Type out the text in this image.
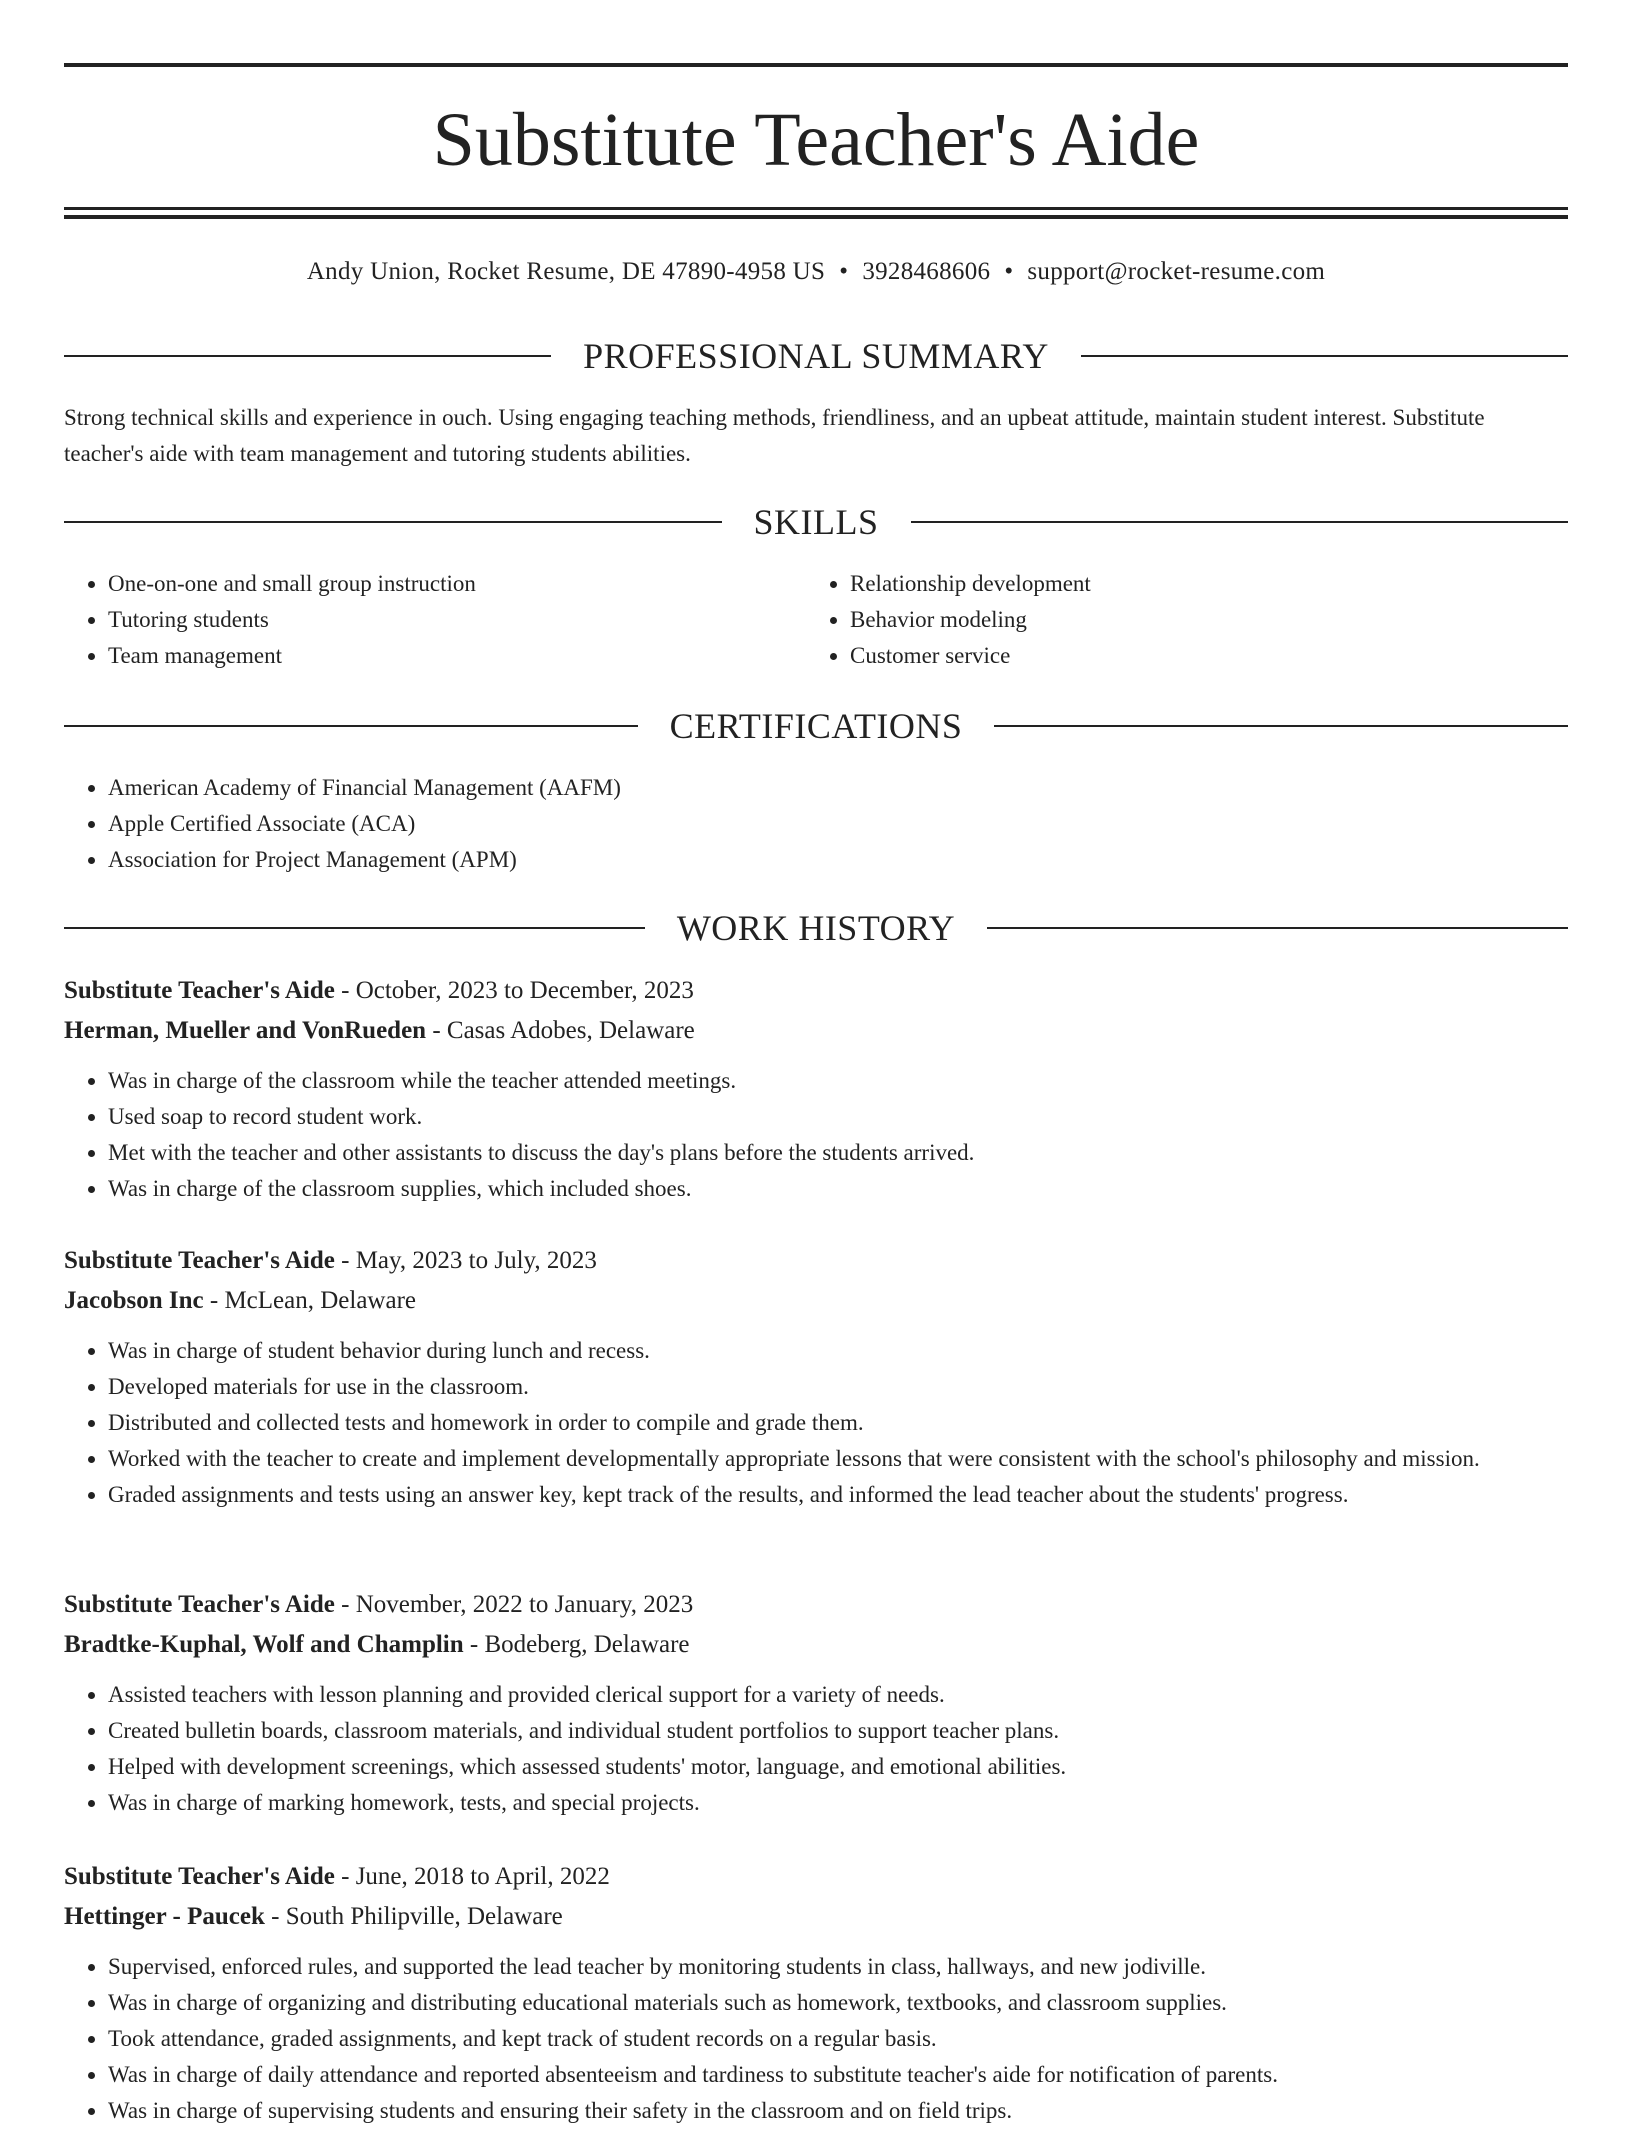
Substitute Teacher's Aide
Andy Union, Rocket Resume, DE 47890-4958 US • 3928468606 • support@rocket-resume.com
PROFESSIONAL SUMMARY

Strong technical skills and experience in ouch. Using engaging teaching methods, friendliness, and an upbeat attitude, maintain student interest. Substitute teacher's aide with team management and tutoring students abilities.

SKILLS
• One-on-one and small group instruction
• Tutoring students
• Team management
• Relationship development
• Behavior modeling
• Customer service
CERTIFICATIONS
• American Academy of Financial Management (AAFM)
• Apple Certified Associate (ACA)
• Association for Project Management (APM)
WORK HISTORY
Substitute Teacher's Aide - October, 2023 to December, 2023
Herman, Mueller and VonRueden - Casas Adobes, Delaware
• Was in charge of the classroom while the teacher attended meetings.
• Used soap to record student work.
• Met with the teacher and other assistants to discuss the day's plans before the students arrived.
• Was in charge of the classroom supplies, which included shoes.
Substitute Teacher's Aide - May, 2023 to July, 2023
Jacobson Inc - McLean, Delaware
• Was in charge of student behavior during lunch and recess.
• Developed materials for use in the classroom.
• Distributed and collected tests and homework in order to compile and grade them.
• Worked with the teacher to create and implement developmentally appropriate lessons that were consistent with the school's philosophy and mission.
• Graded assignments and tests using an answer key, kept track of the results, and informed the lead teacher about the students' progress.
Substitute Teacher's Aide - November, 2022 to January, 2023
Bradtke-Kuphal, Wolf and Champlin - Bodeberg, Delaware
• Assisted teachers with lesson planning and provided clerical support for a variety of needs.
• Created bulletin boards, classroom materials, and individual student portfolios to support teacher plans.
• Helped with development screenings, which assessed students' motor, language, and emotional abilities.
• Was in charge of marking homework, tests, and special projects.
Substitute Teacher's Aide - June, 2018 to April, 2022
Hettinger - Paucek - South Philipville, Delaware
• Supervised, enforced rules, and supported the lead teacher by monitoring students in class, hallways, and new jodiville.
• Was in charge of organizing and distributing educational materials such as homework, textbooks, and classroom supplies.
• Took attendance, graded assignments, and kept track of student records on a regular basis.
• Was in charge of daily attendance and reported absenteeism and tardiness to substitute teacher's aide for notification of parents.
• Was in charge of supervising students and ensuring their safety in the classroom and on field trips.
